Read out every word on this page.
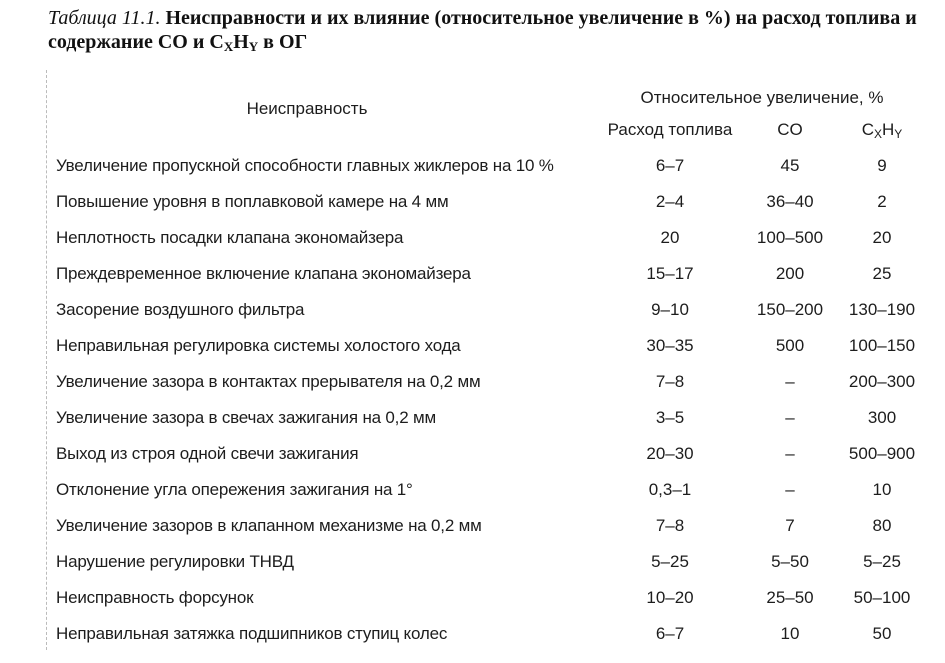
Таблица 11.1. Неисправности и их влияние (относительное увеличение в %) на расход топлива и содержание CO и $C_XH_Y$ в ОГ
Неисправность	Относительное увеличение, %		
	Расход топлива	CO	$C_XH_Y$
Увеличение пропускной способности главных жиклеров на 10 %	6–7	45	9
Повышение уровня в поплавковой камере на 4 мм	2–4	36–40	2
Неплотность посадки клапана экономайзера	20	100–500	20
Преждевременное включение клапана экономайзера	15–17	200	25
Засорение воздушного фильтра	9–10	150–200	130–190
Неправильная регулировка системы холостого хода	30–35	500	100–150
Увеличение зазора в контактах прерывателя на 0,2 мм	7–8	–	200–300
Увеличение зазора в свечах зажигания на 0,2 мм	3–5	–	300
Выход из строя одной свечи зажигания	20–30	–	500–900
Отклонение угла опережения зажигания на 1°	0,3–1	–	10
Увеличение зазоров в клапанном механизме на 0,2 мм	7–8	7	80
Нарушение регулировки ТНВД	5–25	5–50	5–25
Неисправность форсунок	10–20	25–50	50–100
Неправильная затяжка подшипников ступиц колес	6–7	10	50
